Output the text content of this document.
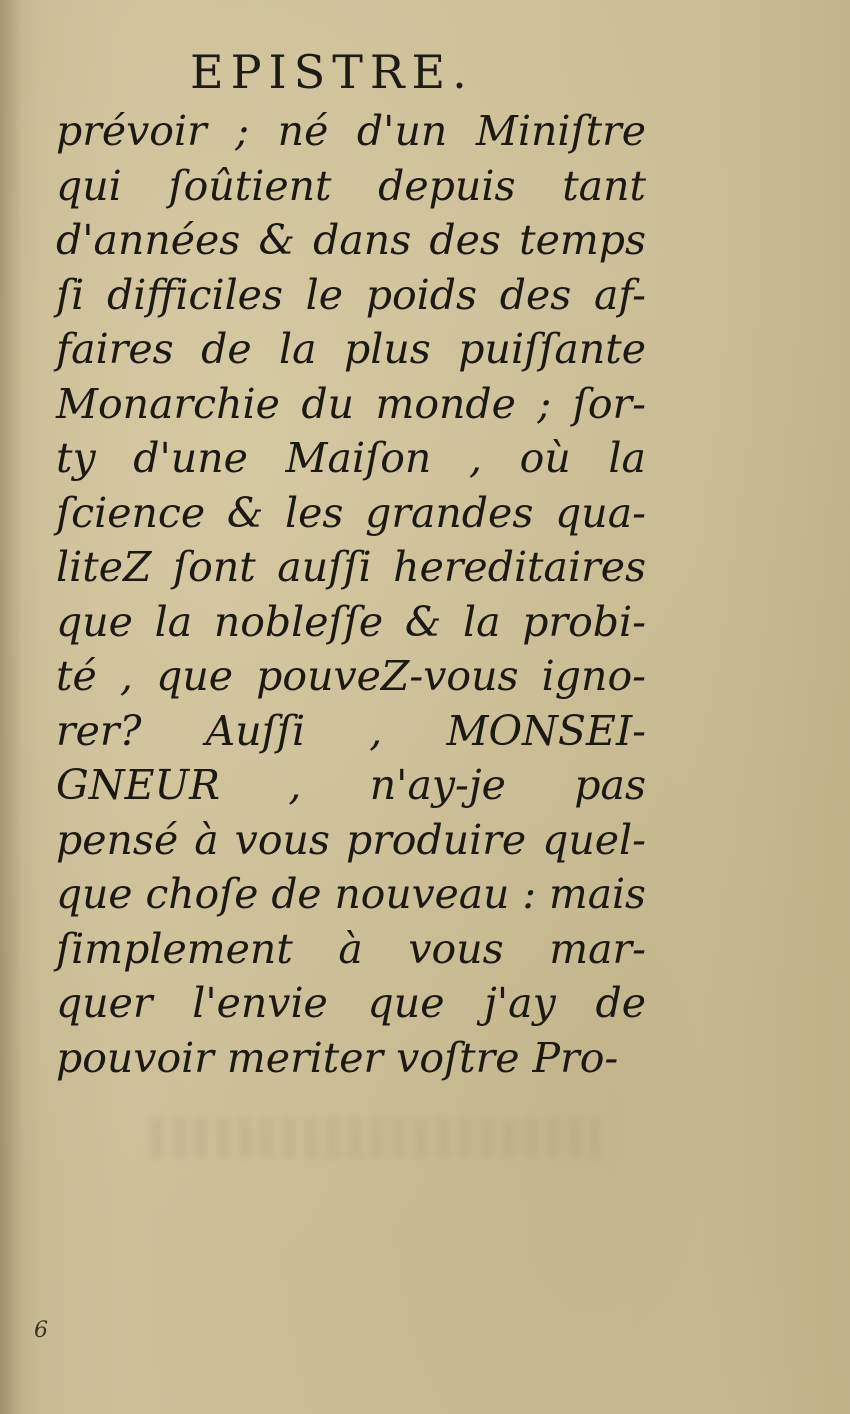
EPISTRE.
prévoir ; né d'un Miniſtre
qui ſoûtient depuis tant
d'années & dans des temps
ſi difficiles le poids des af-
faires de la plus puiſſante
Monarchie du monde ; ſor-
ty d'une Maiſon , où la
ſcience & les grandes qua-
liteZ ſont auſſi hereditaires
que la nobleſſe & la probi-
té , que pouveZ-vous igno-
rer? Auſſi , MONSEI-
GNEUR , n'ay-je pas
pensé à vous produire quel-
que choſe de nouveau : mais
ſimplement à vous mar-
quer l'envie que j'ay de
pouvoir meriter voſtre Pro-
6
